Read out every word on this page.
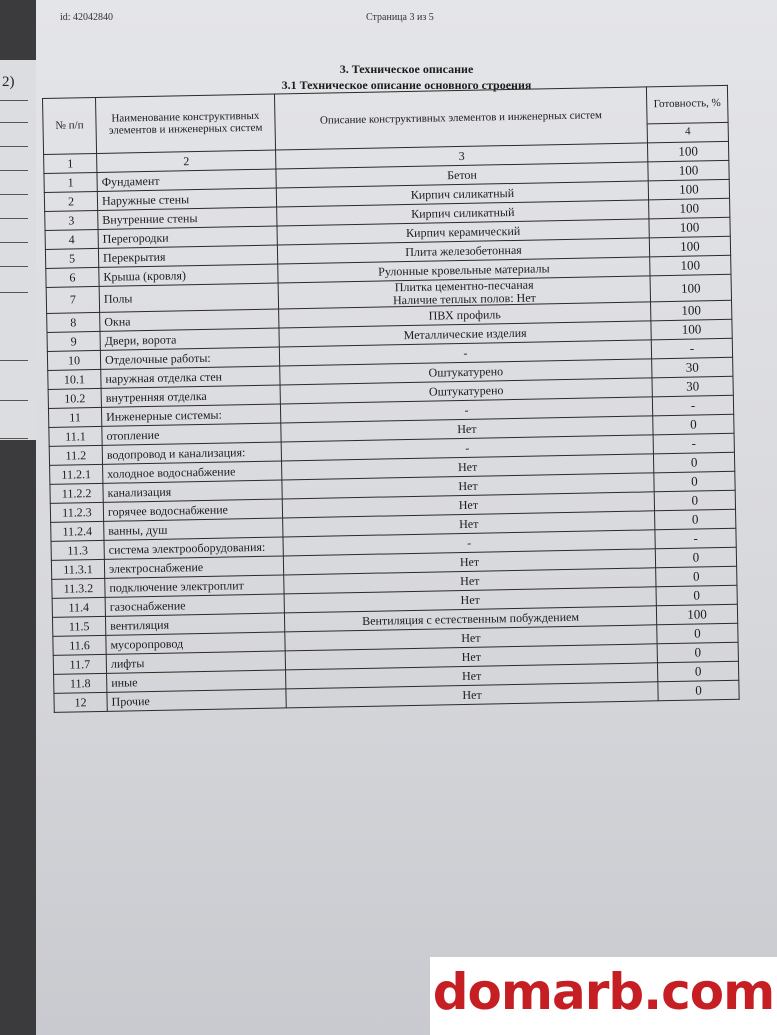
2)
id: 42042840	Страница 3 из 5
3. Техническое описание
3.1 Техническое описание основного строения
№ п/п	Наименование конструктивных элементов и инженерных систем	Описание конструктивных элементов и инженерных систем	Готовность, %
			4
1	2	3	100
1	Фундамент	Бетон	100
2	Наружные стены	Кирпич силикатный	100
3	Внутренние стены	Кирпич силикатный	100
4	Перегородки	Кирпич керамический	100
5	Перекрытия	Плита железобетонная	100
6	Крыша (кровля)	Рулонные кровельные материалы	100
7	Полы	Плитка цементно-песчаная
Наличие теплых полов: Нет	100
8	Окна	ПВХ профиль	100
9	Двери, ворота	Металлические изделия	100
10	Отделочные работы:	-	-
10.1	наружная отделка стен	Оштукатурено	30
10.2	внутренняя отделка	Оштукатурено	30
11	Инженерные системы:	-	-
11.1	отопление	Нет	0
11.2	водопровод и канализация:	-	-
11.2.1	холодное водоснабжение	Нет	0
11.2.2	канализация	Нет	0
11.2.3	горячее водоснабжение	Нет	0
11.2.4	ванны, душ	Нет	0
11.3	система электрооборудования:	-	-
11.3.1	электроснабжение	Нет	0
11.3.2	подключение электроплит	Нет	0
11.4	газоснабжение	Нет	0
11.5	вентиляция	Вентиляция с естественным побуждением	100
11.6	мусоропровод	Нет	0
11.7	лифты	Нет	0
11.8	иные	Нет	0
12	Прочие	Нет	0
domarb.com
